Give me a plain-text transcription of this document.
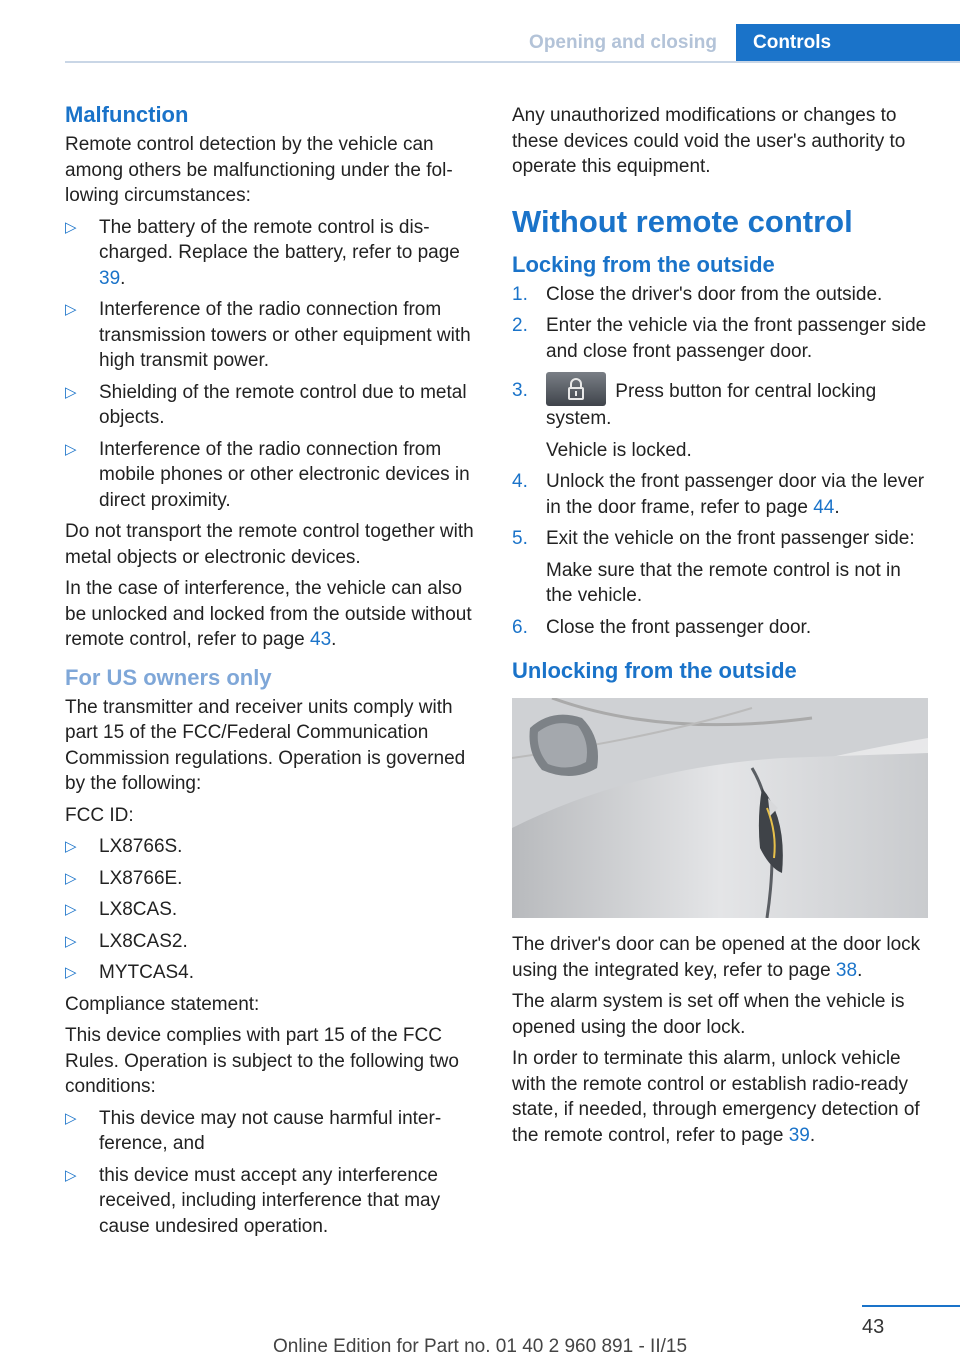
Opening and closing	Controls
Malfunction

Remote control detection by the vehicle can among others be malfunctioning under the following circumstances:

▷ The battery of the remote control is discharged. Replace the battery, refer to page 39.
▷ Interference of the radio connection from transmission towers or other equipment with high transmit power.
▷ Shielding of the remote control due to metal objects.
▷ Interference of the radio connection from mobile phones or other electronic devices in direct proximity.

Do not transport the remote control together with metal objects or electronic devices.

In the case of interference, the vehicle can also be unlocked and locked from the outside without remote control, refer to page 43.

For US owners only

The transmitter and receiver units comply with part 15 of the FCC/Federal Communication Commission regulations. Operation is governed by the following:

FCC ID:

▷ LX8766S.
▷ LX8766E.
▷ LX8CAS.
▷ LX8CAS2.
▷ MYTCAS4.

Compliance statement:

This device complies with part 15 of the FCC Rules. Operation is subject to the following two conditions:

▷ This device may not cause harmful interference, and
▷ this device must accept any interference received, including interference that may cause undesired operation.

Any unauthorized modifications or changes to these devices could void the user's authority to operate this equipment.

Without remote control
Locking from the outside
1. Close the driver's door from the outside.
2. Enter the vehicle via the front passenger side and close front passenger door.
3.	Press button for central locking system.

Vehicle is locked.
4. Unlock the front passenger door via the lever in the door frame, refer to page 44.
5. Exit the vehicle on the front passenger side:

Make sure that the remote control is not in the vehicle.
6. Close the front passenger door.
Unlocking from the outside

The driver's door can be opened at the door lock using the integrated key, refer to page 38.

The alarm system is set off when the vehicle is opened using the door lock.

In order to terminate this alarm, unlock vehicle with the remote control or establish radio-ready state, if needed, through emergency detection of the remote control, refer to page 39.

43
Online Edition for Part no. 01 40 2 960 891 - II/15
